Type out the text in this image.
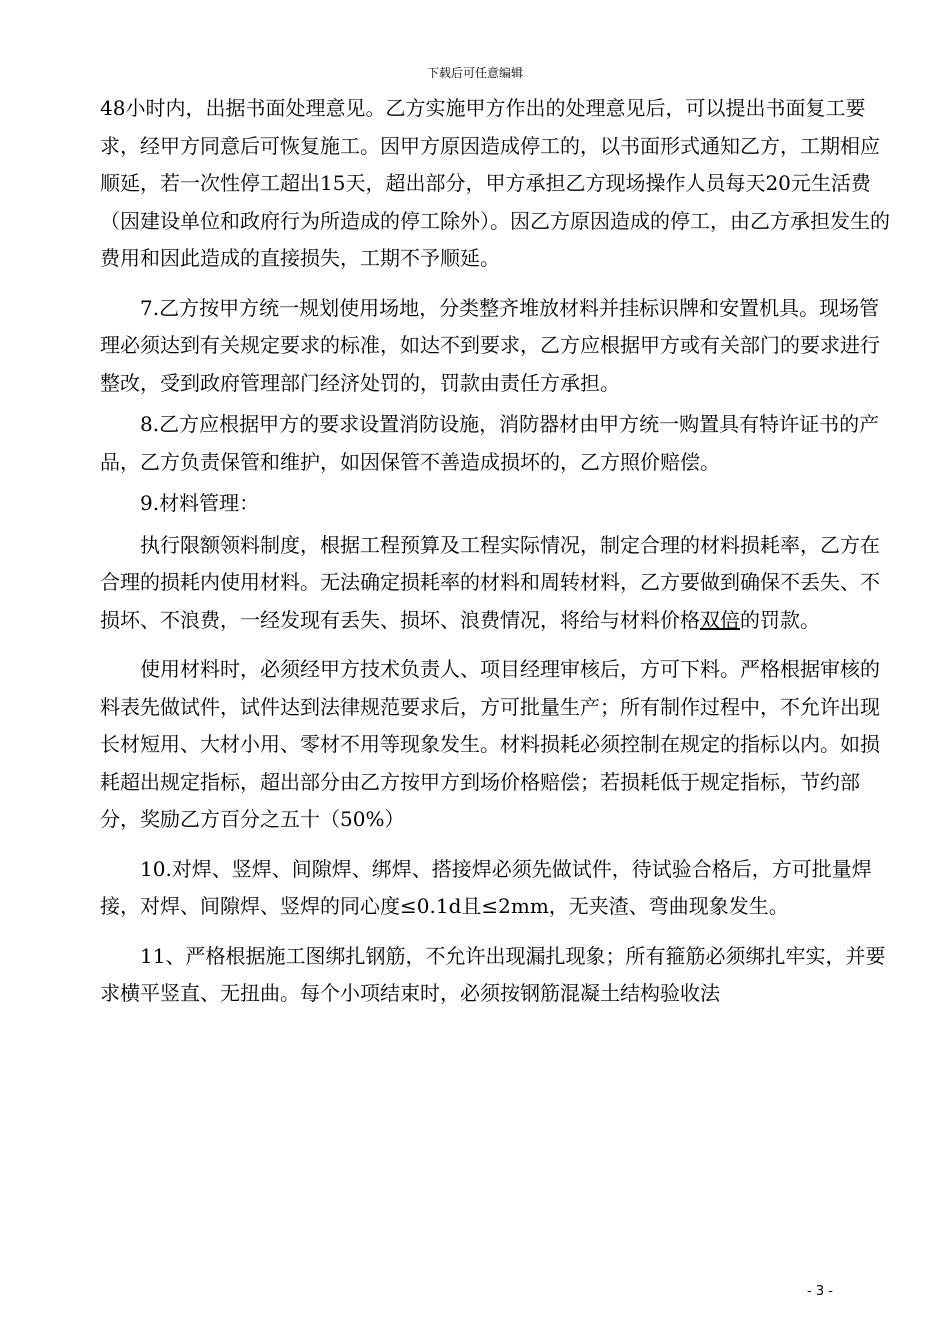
下载后可任意编辑

48小时内，出据书面处理意见。乙方实施甲方作出的处理意见后，可以提出书面复工要求，经甲方同意后可恢复施工。因甲方原因造成停工的，以书面形式通知乙方，工期相应顺延，若一次性停工超出15天，超出部分，甲方承担乙方现场操作人员每天20元生活费（因建设单位和政府行为所造成的停工除外）。因乙方原因造成的停工，由乙方承担发生的费用和因此造成的直接损失，工期不予顺延。

7.乙方按甲方统一规划使用场地，分类整齐堆放材料并挂标识牌和安置机具。现场管理必须达到有关规定要求的标准，如达不到要求，乙方应根据甲方或有关部门的要求进行整改，受到政府管理部门经济处罚的，罚款由责任方承担。

8.乙方应根据甲方的要求设置消防设施，消防器材由甲方统一购置具有特许证书的产品，乙方负责保管和维护，如因保管不善造成损坏的，乙方照价赔偿。

9.材料管理：

执行限额领料制度，根据工程预算及工程实际情况，制定合理的材料损耗率，乙方在合理的损耗内使用材料。无法确定损耗率的材料和周转材料，乙方要做到确保不丢失、不损坏、不浪费，一经发现有丢失、损坏、浪费情况，将给与材料价格双倍的罚款。

使用材料时，必须经甲方技术负责人、项目经理审核后，方可下料。严格根据审核的料表先做试件，试件达到法律规范要求后，方可批量生产；所有制作过程中，不允许出现长材短用、大材小用、零材不用等现象发生。材料损耗必须控制在规定的指标以内。如损耗超出规定指标，超出部分由乙方按甲方到场价格赔偿；若损耗低于规定指标，节约部分，奖励乙方百分之五十（50%）

10.对焊、竖焊、间隙焊、绑焊、搭接焊必须先做试件，待试验合格后，方可批量焊接，对焊、间隙焊、竖焊的同心度≤0.1d且≤2mm，无夹渣、弯曲现象发生。

11、严格根据施工图绑扎钢筋，不允许出现漏扎现象；所有箍筋必须绑扎牢实，并要求横平竖直、无扭曲。每个小项结束时，必须按钢筋混凝土结构验收法

- 3 -
